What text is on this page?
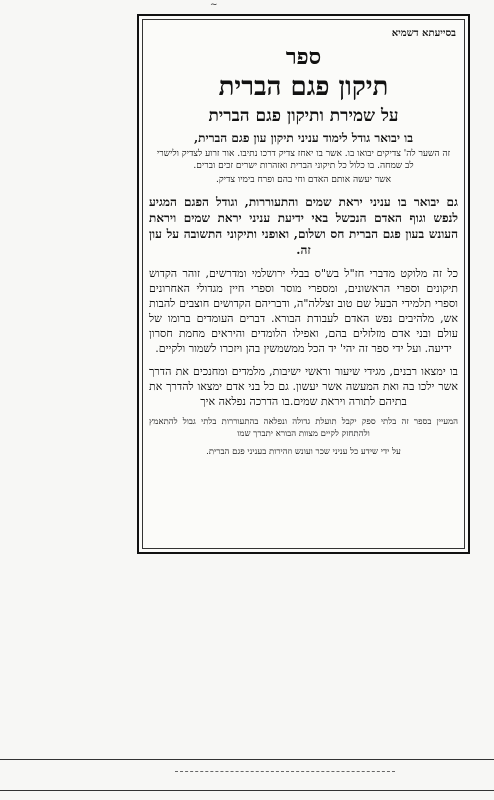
~
בסייעתא דשמיא
ספר
תיקון פגם הברית
על שמירת ותיקון פגם הברית
בו יבואר גודל לימוד עניני תיקון עון פגם הברית,
זה השער לה' צדיקים יבואו בו. אשר בו יאחז צדיק דרכו נתיבו. אור זרוע לצדיק ולישרי לב שמחה. בו כלול כל תיקוני הברית ואזהרות ישרים זכים וברים.
אשר יעשה אותם האדם וחי בהם ופרח בימיו צדיק.
גם יבואר בו עניני יראת שמים והתעוררות, וגודל הפגם המגיע לנפש וגוף האדם הנכשל באי ידיעת עניני יראת שמים ויראת העונש בעון פגם הברית חס ושלום, ואופני ותיקוני התשובה על עון זה.
כל זה מלוקט מדברי חז"ל בש"ס בבלי ירושלמי ומדרשים, זוהר הקדוש תיקונים וספרי הראשונים, ומספרי מוסר וספרי חיין מגדולי האחרונים וספרי תלמידי הבעל שם טוב זצללה"ה, ודבריהם הקדושים חוצבים להבות אש, מלהיבים נפש האדם לעבודת הבורא. דברים העומדים ברומו של עולם ובני אדם מזלזלים בהם, ואפילו הלומדים והיראים מחמת חסרון ידיעה. ועל ידי ספר זה יהי' יד הכל ממשמשין בהן ויזכרו לשמור ולקיים.
בו ימצאו רבנים, מגידי שיעור וראשי ישיבות, מלמדים ומחנכים את הדרך אשר ילכו בה ואת המעשה אשר יעשון. גם כל בני אדם ימצאו להדרך את בתיהם לתורה ויראת שמים.בו הדרכה נפלאה איך
המעיין בספר זה בלתי ספק יקבל תועלת גדולה ונפלאה בהתעוררות בלתי גבול להתאמץ ולהתחזק לקיים מצוות הבורא יתברך שמו
על ידי שידע כל עניני שכר ועונש וזהירות בעניני פגם הברית.
